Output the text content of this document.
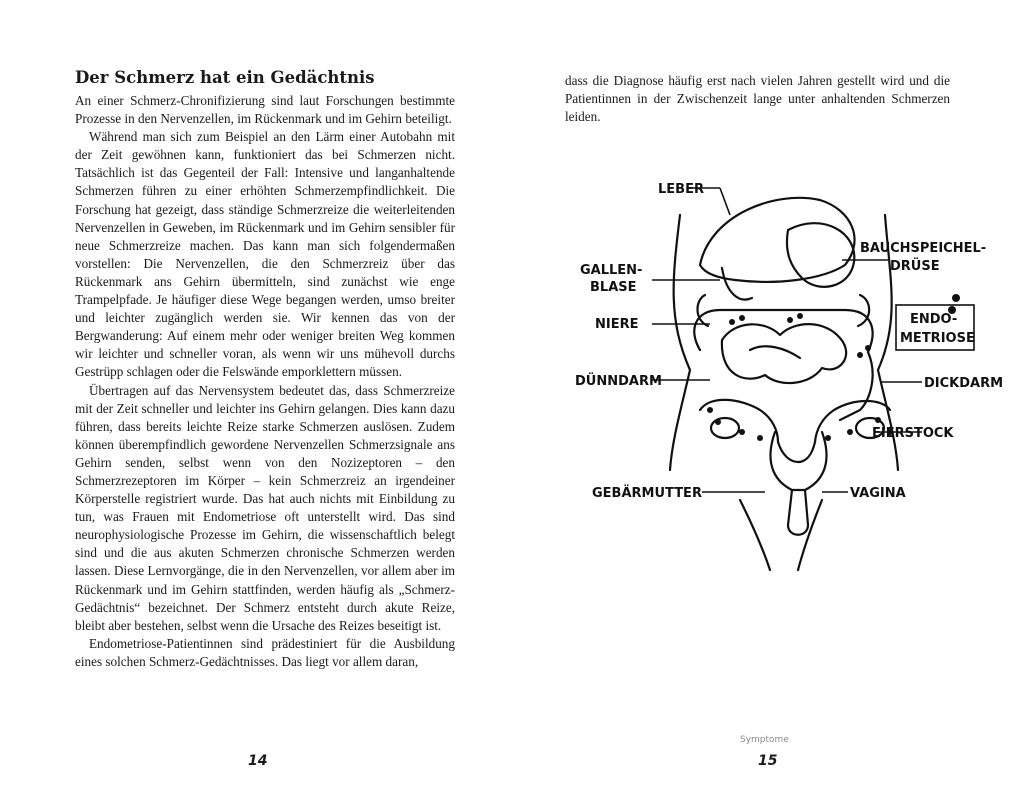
Der Schmerz hat ein Gedächtnis

An einer Schmerz-Chronifizierung sind laut Forschungen bestimmte Prozesse in den Nervenzellen, im Rückenmark und im Gehirn beteiligt.

Während man sich zum Beispiel an den Lärm einer Autobahn mit der Zeit gewöhnen kann, funktioniert das bei Schmerzen nicht. Tatsächlich ist das Gegenteil der Fall: Intensive und langanhaltende Schmerzen führen zu einer erhöhten Schmerzempfindlichkeit. Die Forschung hat gezeigt, dass ständige Schmerzreize die weiterleitenden Nervenzellen in Geweben, im Rückenmark und im Gehirn sensibler für neue Schmerzreize machen. Das kann man sich folgendermaßen vorstellen: Die Nervenzellen, die den Schmerzreiz über das Rückenmark ans Gehirn übermitteln, sind zunächst wie enge Trampelpfade. Je häufiger diese Wege begangen werden, umso breiter und leichter zugänglich werden sie. Wir kennen das von der Bergwanderung: Auf einem mehr oder weniger breiten Weg kommen wir leichter und schneller voran, als wenn wir uns mühevoll durchs Gestrüpp schlagen oder die Felswände emporklettern müssen.

Übertragen auf das Nervensystem bedeutet das, dass Schmerzreize mit der Zeit schneller und leichter ins Gehirn gelangen. Dies kann dazu führen, dass bereits leichte Reize starke Schmerzen auslösen. Zudem können überempfindlich gewordene Nervenzellen Schmerzsignale ans Gehirn senden, selbst wenn von den Nozizeptoren – den Schmerzrezeptoren im Körper – kein Schmerzreiz an irgendeiner Körperstelle registriert wurde. Das hat auch nichts mit Einbildung zu tun, was Frauen mit Endometriose oft unterstellt wird. Das sind neurophysiologische Prozesse im Gehirn, die wissenschaftlich belegt sind und die aus akuten Schmerzen chronische Schmerzen werden lassen. Diese Lernvorgänge, die in den Nervenzellen, vor allem aber im Rückenmark und im Gehirn stattfinden, werden häufig als „Schmerz-Gedächtnis“ bezeichnet. Der Schmerz entsteht durch akute Reize, bleibt aber bestehen, selbst wenn die Ursache des Reizes beseitigt ist.

Endometriose-Patientinnen sind prädestiniert für die Ausbildung eines solchen Schmerz-Gedächtnisses. Das liegt vor allem daran,

14

dass die Diagnose häufig erst nach vielen Jahren gestellt wird und die Patientinnen in der Zwischenzeit lange unter anhaltenden Schmerzen leiden.

LEBER
GALLEN-
BLASE
NIERE
DÜNNDARM
GEBÄRMUTTER
BAUCHSPEICHEL-
DRÜSE
ENDO-
METRIOSE
DICKDARM
EIERSTOCK
VAGINA
Symptome
15
